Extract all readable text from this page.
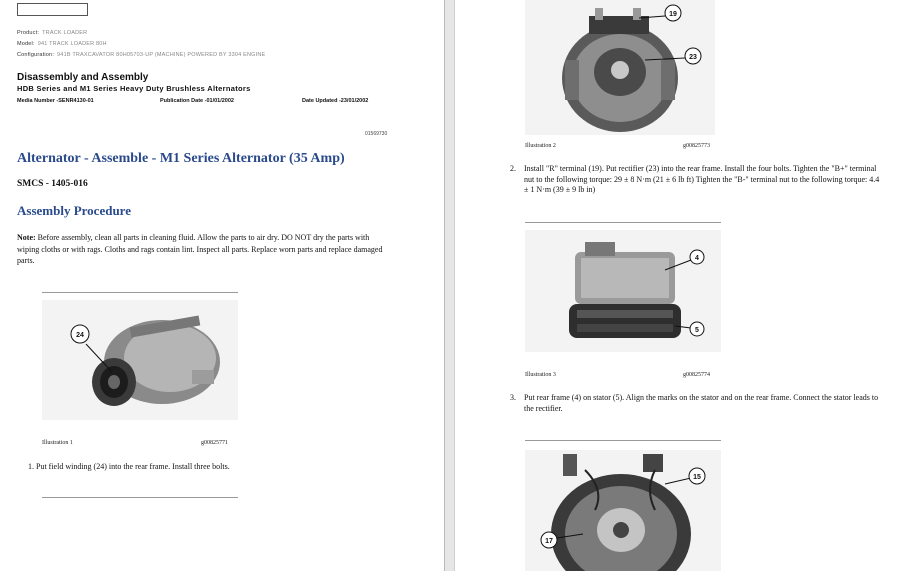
Product: TRACK LOADER
Model: 941 TRACK LOADER 80H
Configuration: 941B TRAXCAVATOR 80H05703-UP (MACHINE) POWERED BY 3304 ENGINE
Disassembly and Assembly
HDB Series and M1 Series Heavy Duty Brushless Alternators
Media Number -SENR4130-01	Publication Date -01/01/2002	Date Updated -23/01/2002
01569730
Alternator - Assemble - M1 Series Alternator (35 Amp)
SMCS - 1405-016
Assembly Procedure
Note: Before assembly, clean all parts in cleaning fluid. Allow the parts to air dry. DO NOT dry the parts with wiping cloths or with rags. Cloths and rags contain lint. Inspect all parts. Replace worn parts and replace damaged parts.
24
Illustration 1	g00825771
1. Put field winding (24) into the rear frame. Install three bolts.
19
23
Illustration 2	g00825773
2. Install "R" terminal (19). Put rectifier (23) into the rear frame. Install the four bolts. Tighten the "B+" terminal nut to the following torque: 29 ± 8 N·m (21 ± 6 lb ft) Tighten the "B-" terminal nut to the following torque: 4.4 ± 1 N·m (39 ± 9 lb in)
4
5
Illustration 3	g00825774
3. Put rear frame (4) on stator (5). Align the marks on the stator and on the rear frame. Connect the stator leads to the rectifier.
15
17
